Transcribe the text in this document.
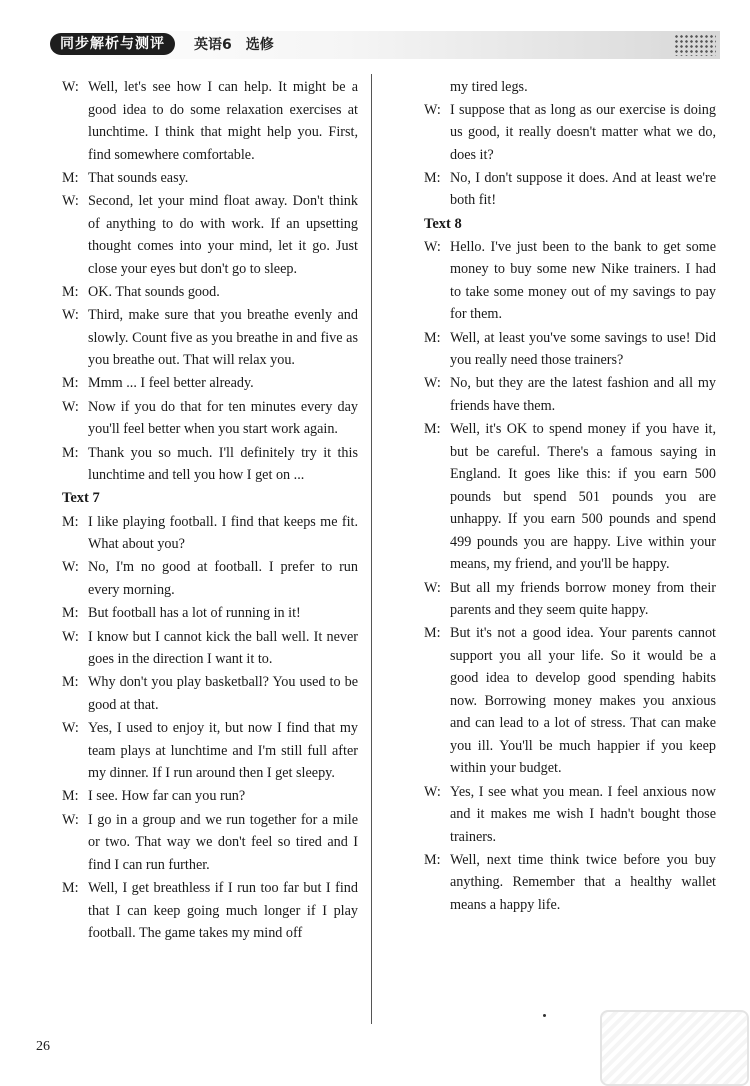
同步解析与测评	英语6　选修
W: Well, let's see how I can help. It might be a good idea to do some relaxation exercises at lunchtime. I think that might help you. First, find somewhere comfortable.
M: That sounds easy.
W: Second, let your mind float away. Don't think of anything to do with work. If an upsetting thought comes into your mind, let it go. Just close your eyes but don't go to sleep.
M: OK. That sounds good.
W: Third, make sure that you breathe evenly and slowly. Count five as you breathe in and five as you breathe out. That will relax you.
M: Mmm ... I feel better already.
W: Now if you do that for ten minutes every day you'll feel better when you start work again.
M: Thank you so much. I'll definitely try it this lunchtime and tell you how I get on ...
Text 7
M: I like playing football. I find that keeps me fit. What about you?
W: No, I'm no good at football. I prefer to run every morning.
M: But football has a lot of running in it!
W: I know but I cannot kick the ball well. It never goes in the direction I want it to.
M: Why don't you play basketball? You used to be good at that.
W: Yes, I used to enjoy it, but now I find that my team plays at lunchtime and I'm still full after my dinner. If I run around then I get sleepy.
M: I see. How far can you run?
W: I go in a group and we run together for a mile or two. That way we don't feel so tired and I find I can run further.
M: Well, I get breathless if I run too far but I find that I can keep going much longer if I play football. The game takes my mind off
my tired legs.
W: I suppose that as long as our exercise is doing us good, it really doesn't matter what we do, does it?
M: No, I don't suppose it does. And at least we're both fit!
Text 8
W: Hello. I've just been to the bank to get some money to buy some new Nike trainers. I had to take some money out of my savings to pay for them.
M: Well, at least you've some savings to use! Did you really need those trainers?
W: No, but they are the latest fashion and all my friends have them.
M: Well, it's OK to spend money if you have it, but be careful. There's a famous saying in England. It goes like this: if you earn 500 pounds but spend 501 pounds you are unhappy. If you earn 500 pounds and spend 499 pounds you are happy. Live within your means, my friend, and you'll be happy.
W: But all my friends borrow money from their parents and they seem quite happy.
M: But it's not a good idea. Your parents cannot support you all your life. So it would be a good idea to develop good spending habits now. Borrowing money makes you anxious and can lead to a lot of stress. That can make you ill. You'll be much happier if you keep within your budget.
W: Yes, I see what you mean. I feel anxious now and it makes me wish I hadn't bought those trainers.
M: Well, next time think twice before you buy anything. Remember that a healthy wallet means a happy life.
26
